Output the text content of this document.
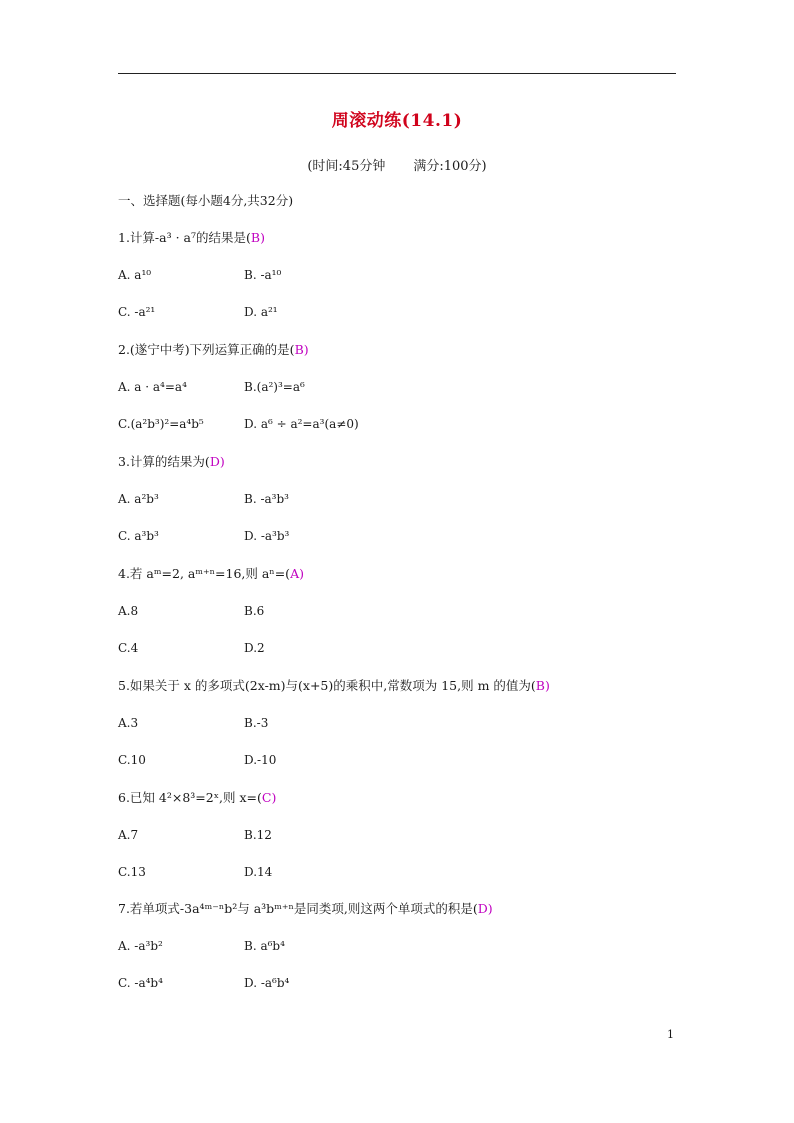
周滚动练(14.1)
(时间:45分钟 满分:100分)
一、选择题(每小题4分,共32分)
1.计算-a³ · a⁷的结果是(B)
A. a¹⁰	B. -a¹⁰
C. -a²¹	D. a²¹
2.(遂宁中考)下列运算正确的是(B)
A. a · a⁴=a⁴	B.(a²)³=a⁶
C.(a²b³)²=a⁴b⁵	D. a⁶ ÷ a²=a³(a≠0)
3.计算的结果为(D)
A. a²b³	B. -a³b³
C. a³b³	D. -a³b³
4.若 aᵐ=2, aᵐ⁺ⁿ=16,则 aⁿ=(A)
A.8	B.6
C.4	D.2
5.如果关于 x 的多项式(2x-m)与(x+5)的乘积中,常数项为 15,则 m 的值为(B)
A.3	B.-3
C.10	D.-10
6.已知 4²×8³=2ˣ,则 x=(C)
A.7	B.12
C.13	D.14
7.若单项式-3a⁴ᵐ⁻ⁿb²与 a³bᵐ⁺ⁿ是同类项,则这两个单项式的积是(D)
A. -a³b²	B. a⁶b⁴
C. -a⁴b⁴	D. -a⁶b⁴
1
